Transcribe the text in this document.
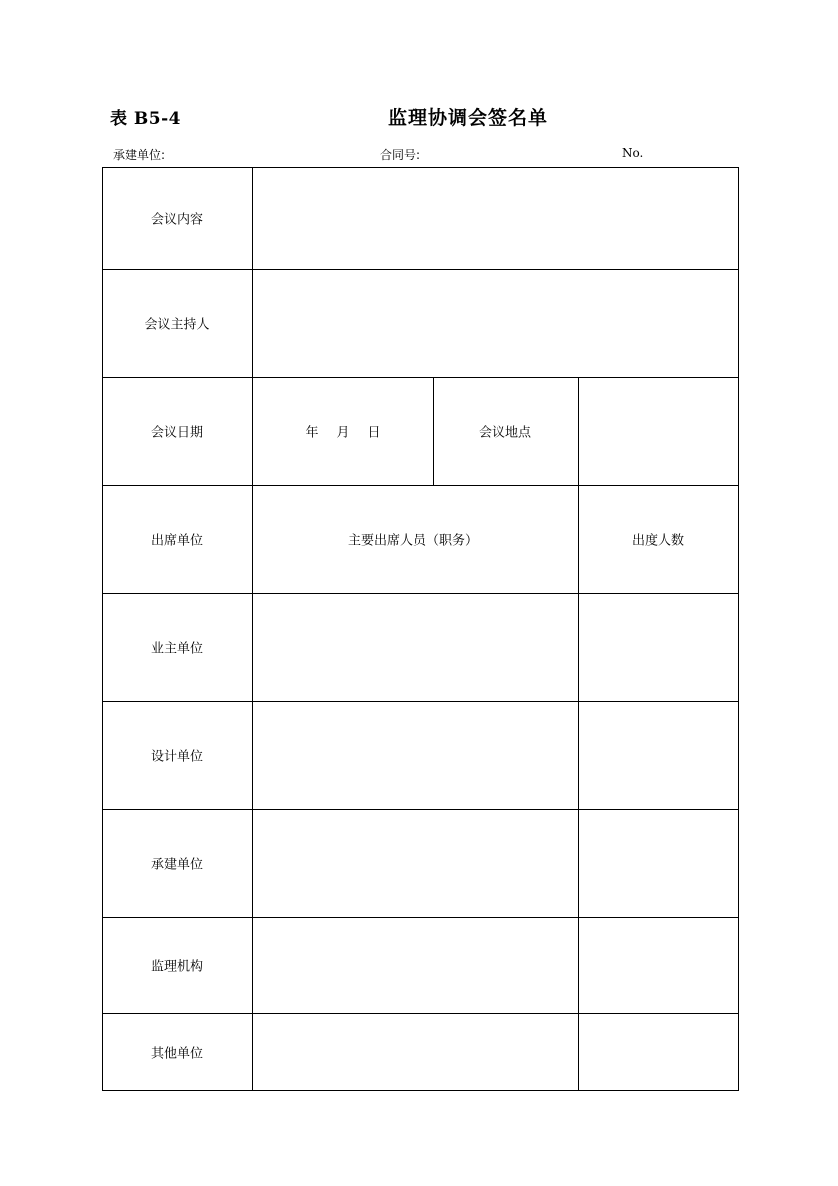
表 B5-4	监理协调会签名单
承建单位:	合同号:	No.
会议内容
会议主持人
会议日期	年 月 日	会议地点
出席单位	主要出席人员（职务）	出度人数
业主单位
设计单位
承建单位
监理机构
其他单位
